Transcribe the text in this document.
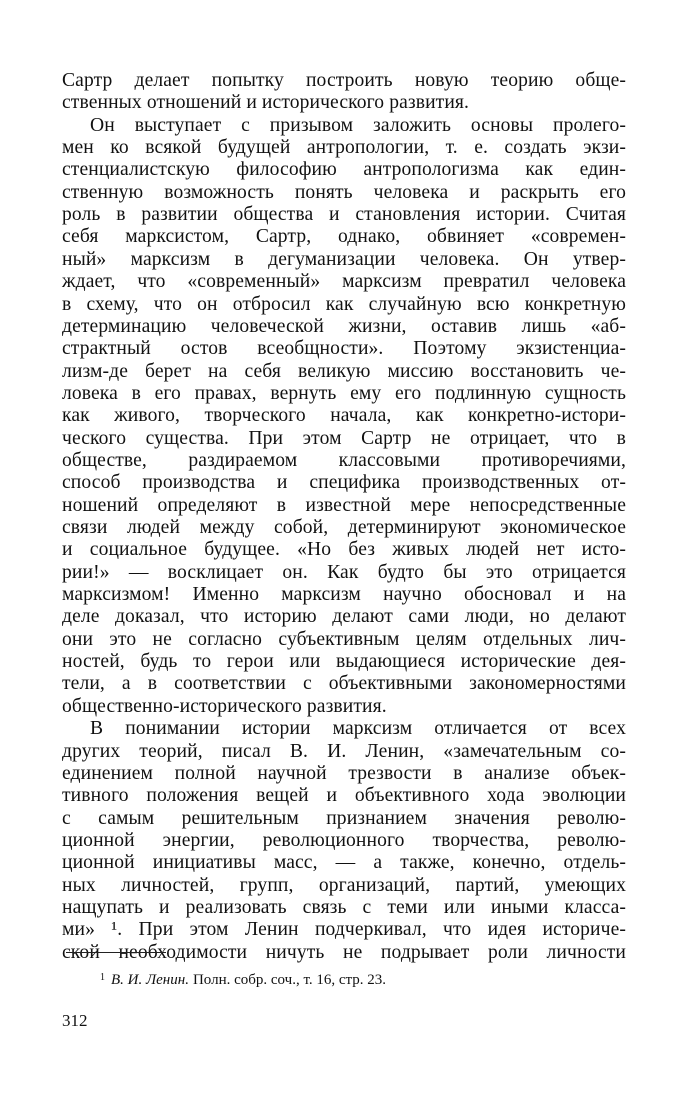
Сартр делает попытку построить новую теорию обще-
ственных отношений и исторического развития.
Он выступает с призывом заложить основы пролего-
мен ко всякой будущей антропологии, т. е. создать экзи-
стенциалистскую философию антропологизма как един-
ственную возможность понять человека и раскрыть его
роль в развитии общества и становления истории. Считая
себя марксистом, Сартр, однако, обвиняет «современ-
ный» марксизм в дегуманизации человека. Он утвер-
ждает, что «современный» марксизм превратил человека
в схему, что он отбросил как случайную всю конкретную
детерминацию человеческой жизни, оставив лишь «аб-
страктный остов всеобщности». Поэтому экзистенциа-
лизм-де берет на себя великую миссию восстановить че-
ловека в его правах, вернуть ему его подлинную сущность
как живого, творческого начала, как конкретно-истори-
ческого существа. При этом Сартр не отрицает, что в
обществе, раздираемом классовыми противоречиями,
способ производства и специфика производственных от-
ношений определяют в известной мере непосредственные
связи людей между собой, детерминируют экономическое
и социальное будущее. «Но без живых людей нет исто-
рии!» — восклицает он. Как будто бы это отрицается
марксизмом! Именно марксизм научно обосновал и на
деле доказал, что историю делают сами люди, но делают
они это не согласно субъективным целям отдельных лич-
ностей, будь то герои или выдающиеся исторические дея-
тели, а в соответствии с объективными закономерностями
общественно-исторического развития.
В понимании истории марксизм отличается от всех
других теорий, писал В. И. Ленин, «замечательным со-
единением полной научной трезвости в анализе объек-
тивного положения вещей и объективного хода эволюции
с самым решительным признанием значения револю-
ционной энергии, революционного творчества, револю-
ционной инициативы масс, — а также, конечно, отдель-
ных личностей, групп, организаций, партий, умеющих
нащупать и реализовать связь с теми или иными класса-
ми» ¹. При этом Ленин подчеркивал, что идея историче-
ской необходимости ничуть не подрывает роли личности
$^1$ В. И. Ленин. Полн. собр. соч., т. 16, стр. 23.
312
